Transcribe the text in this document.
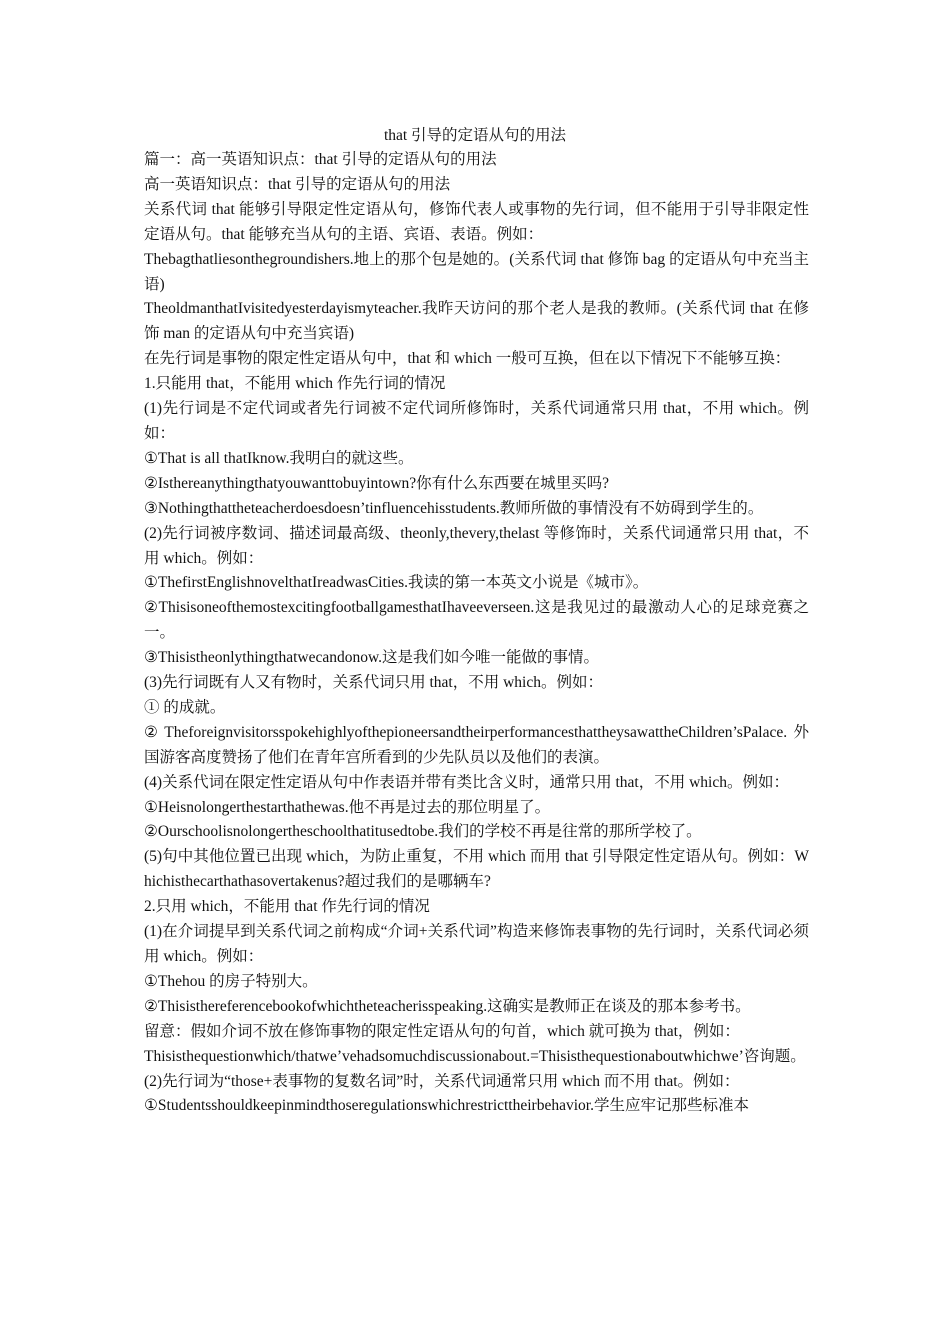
that 引导的定语从句的用法

篇一：高一英语知识点：that 引导的定语从句的用法

高一英语知识点：that 引导的定语从句的用法

关系代词 that 能够引导限定性定语从句，修饰代表人或事物的先行词，但不能用于引导非限定性定语从句。that 能够充当从句的主语、宾语、表语。例如：

Thebagthatliesonthegroundishers.地上的那个包是她的。(关系代词 that 修饰 bag 的定语从句中充当主语)

TheoldmanthatIvisitedyesterdayismyteacher.我昨天访问的那个老人是我的教师。(关系代词 that 在修饰 man 的定语从句中充当宾语)

在先行词是事物的限定性定语从句中，that 和 which 一般可互换，但在以下情况下不能够互换：

1.只能用 that，不能用 which 作先行词的情况

(1)先行词是不定代词或者先行词被不定代词所修饰时，关系代词通常只用 that，不用 which。例如：

①That is all thatIknow.我明白的就这些。

②Isthereanythingthatyouwanttobuyintown?你有什么东西要在城里买吗?

③Nothingthattheteacherdoesdoesn’tinfluencehisstudents.教师所做的事情没有不妨碍到学生的。

(2)先行词被序数词、描述词最高级、theonly,thevery,thelast 等修饰时，关系代词通常只用 that，不用 which。例如：

①ThefirstEnglishnovelthatIreadwasCities.我读的第一本英文小说是《城市》。

②ThisisoneofthemostexcitingfootballgamesthatIhaveeverseen.这是我见过的最激动人心的足球竞赛之一。

③Thisistheonlythingthatwecandonow.这是我们如今唯一能做的事情。

(3)先行词既有人又有物时，关系代词只用 that，不用 which。例如：

① 的成就。

②TheforeignvisitorsspokehighlyofthepioneersandtheirperformancesthattheysawattheChildren’sPalace.外国游客高度赞扬了他们在青年宫所看到的少先队员以及他们的表演。

(4)关系代词在限定性定语从句中作表语并带有类比含义时，通常只用 that，不用 which。例如：

①Heisnolongerthestarthathewas.他不再是过去的那位明星了。

②Ourschoolisnolongertheschoolthatitusedtobe.我们的学校不再是往常的那所学校了。

(5)句中其他位置已出现 which，为防止重复，不用 which 而用 that 引导限定性定语从句。例如：Whichisthecarthathasovertakenus?超过我们的是哪辆车?

2.只用 which，不能用 that 作先行词的情况

(1)在介词提早到关系代词之前构成“介词+关系代词”构造来修饰表事物的先行词时，关系代词必须用 which。例如：

①Thehou 的房子特别大。

②Thisisthereferencebookofwhichtheteacherisspeaking.这确实是教师正在谈及的那本参考书。

留意：假如介词不放在修饰事物的限定性定语从句的句首，which 就可换为 that，例如：

Thisisthequestionwhich/thatwe’vehadsomuchdiscussionabout.=Thisisthequestionaboutwhichwe’咨询题。

(2)先行词为“those+表事物的复数名词”时，关系代词通常只用 which 而不用 that。例如：

①Studentsshouldkeepinmindthoseregulationswhichrestricttheirbehavior.学生应牢记那些标准本
